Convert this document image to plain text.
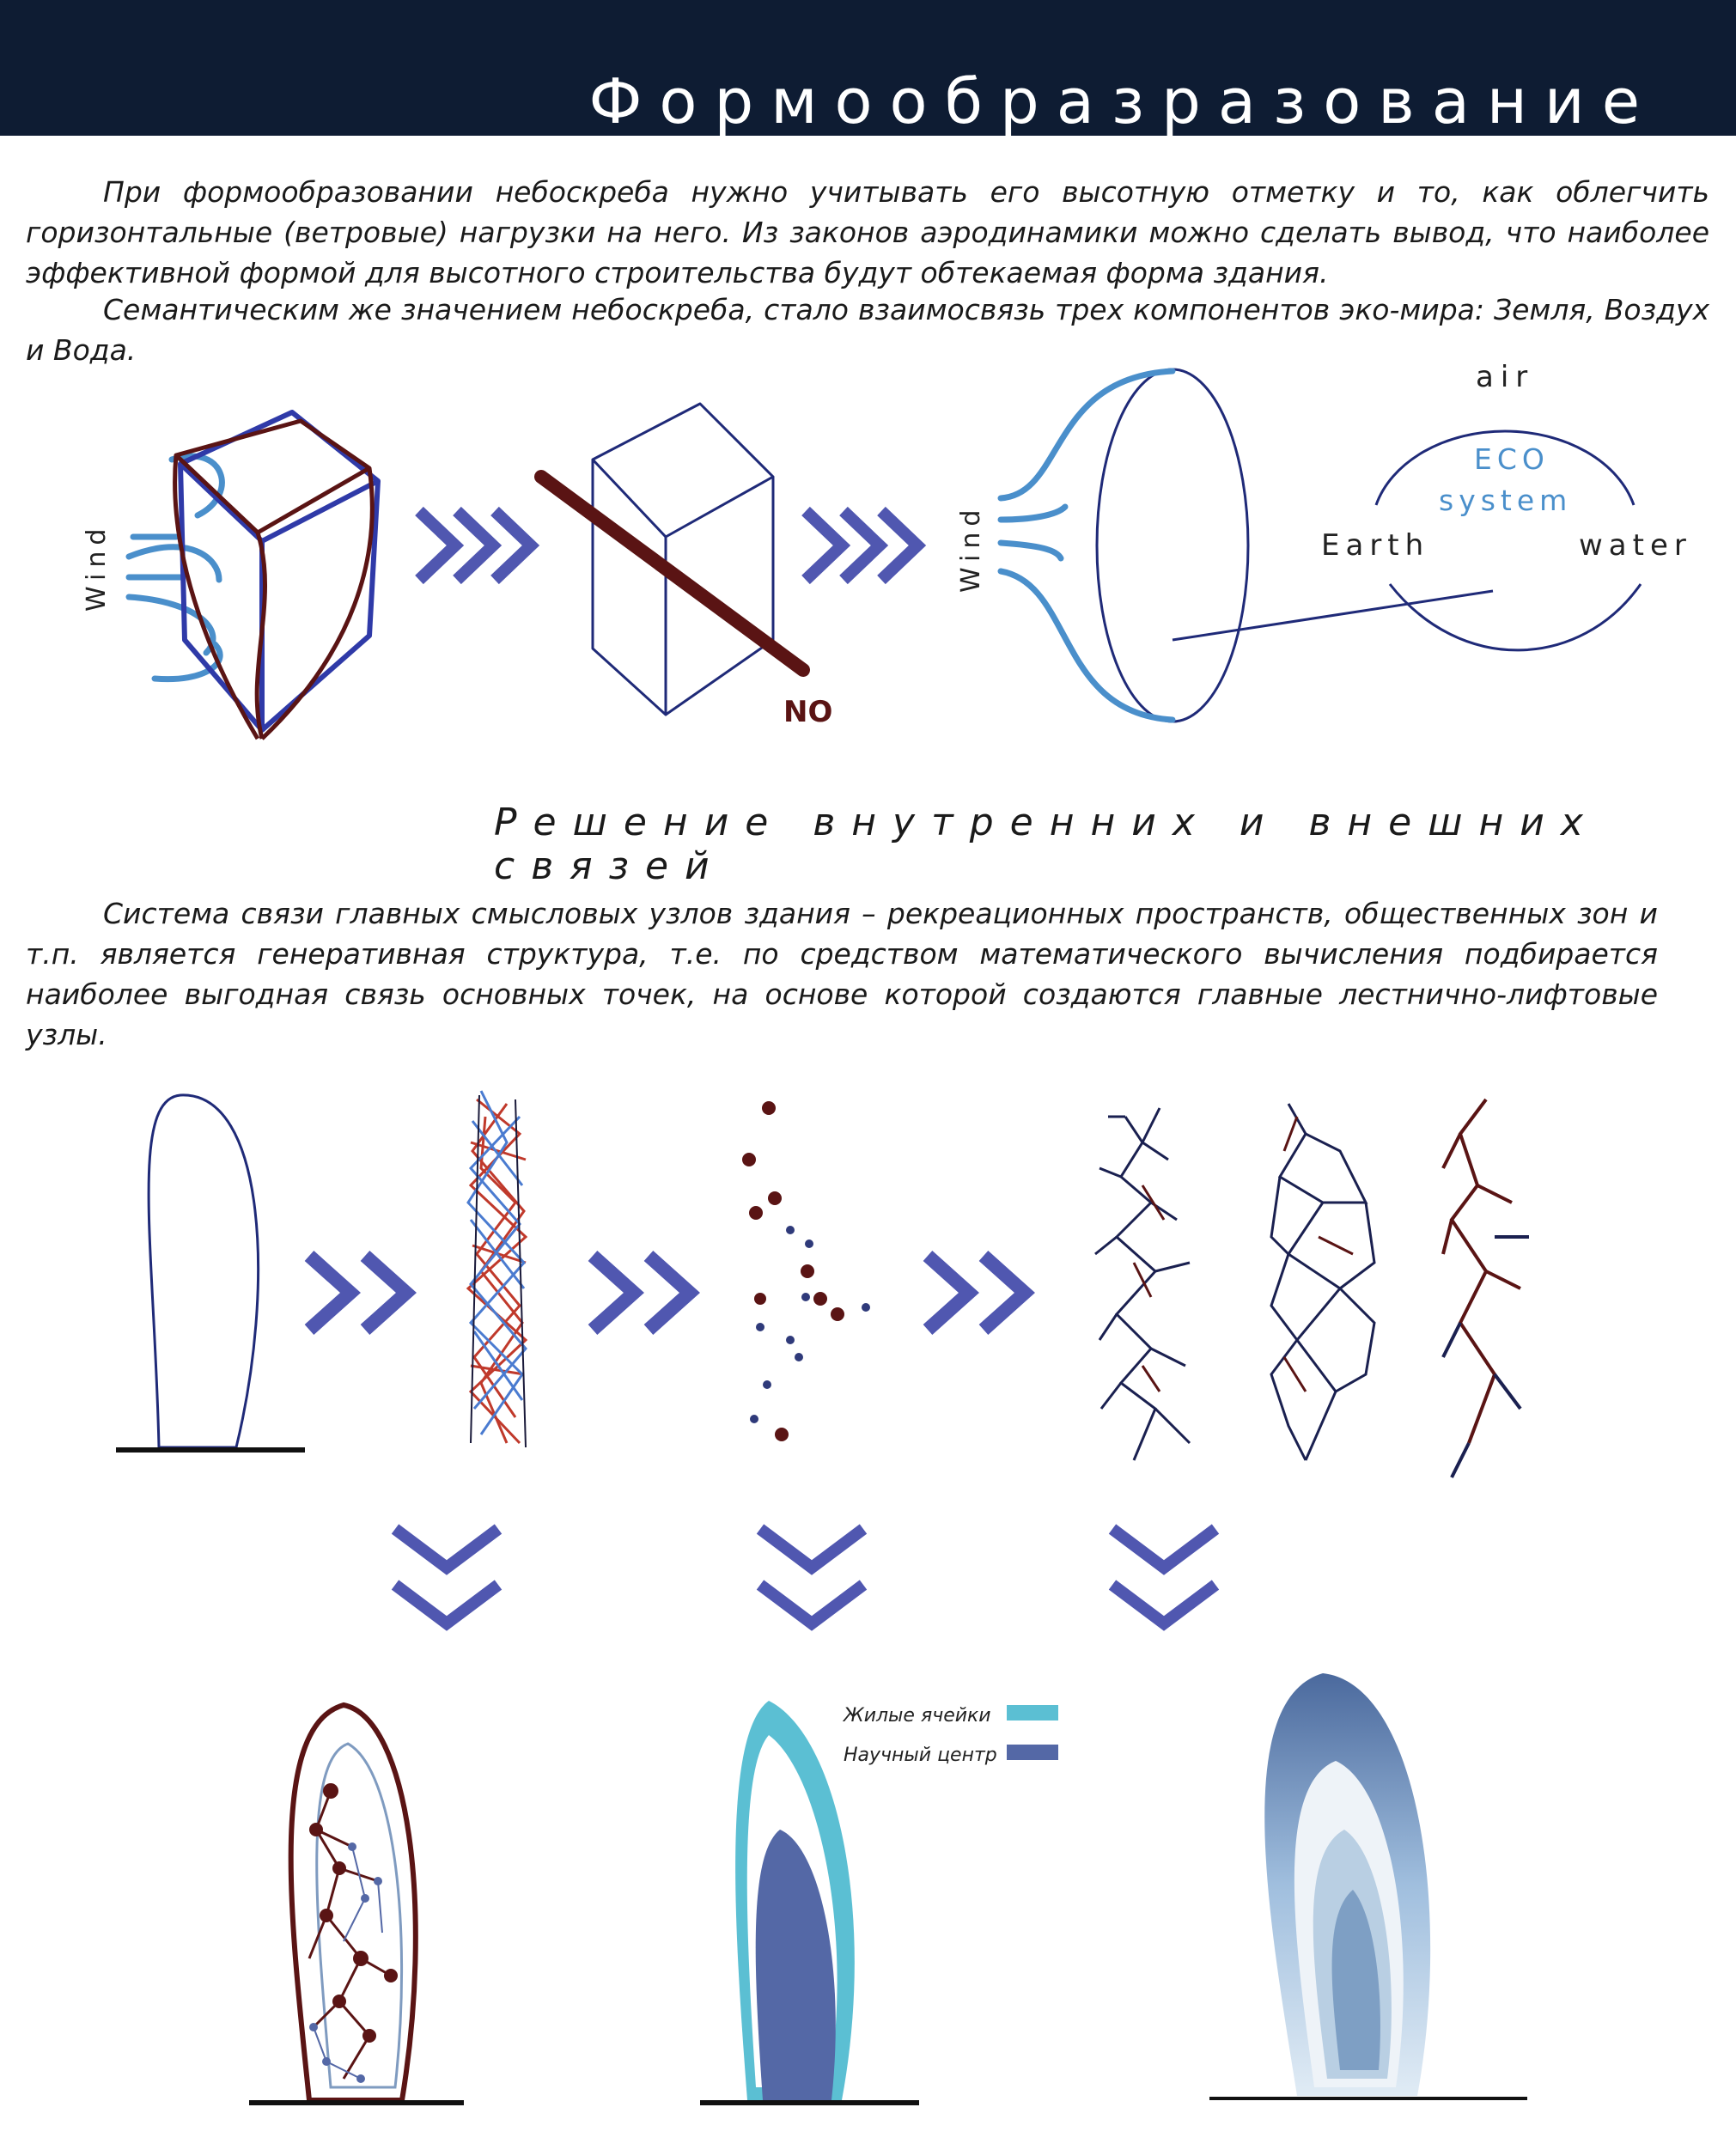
Формообразразование

При формообразовании небоскреба нужно учитывать его высотную отметку и то, как облегчить горизонтальные (ветровые) нагрузки на него. Из законов аэродинамики можно сделать вывод, что наиболее эффективной формой для высотного строительства будут обтекаемая форма здания.

Семантическим же значением небоскреба, стало взаимосвязь трех компонентов эко-мира: Земля, Воздух и Вода.

Решение внутренних и внешних связей

Система связи главных смысловых узлов здания – рекреационных пространств, общественных зон и т.п. является генеративная структура, т.е. по средством математического вычисления подбирается наиболее выгодная связь основных точек, на основе которой создаются главные лестнично-лифтовые узлы.

Wind
NO
Wind
air
ECO
system
Earth	water
Жилые ячейки
Научный центр
